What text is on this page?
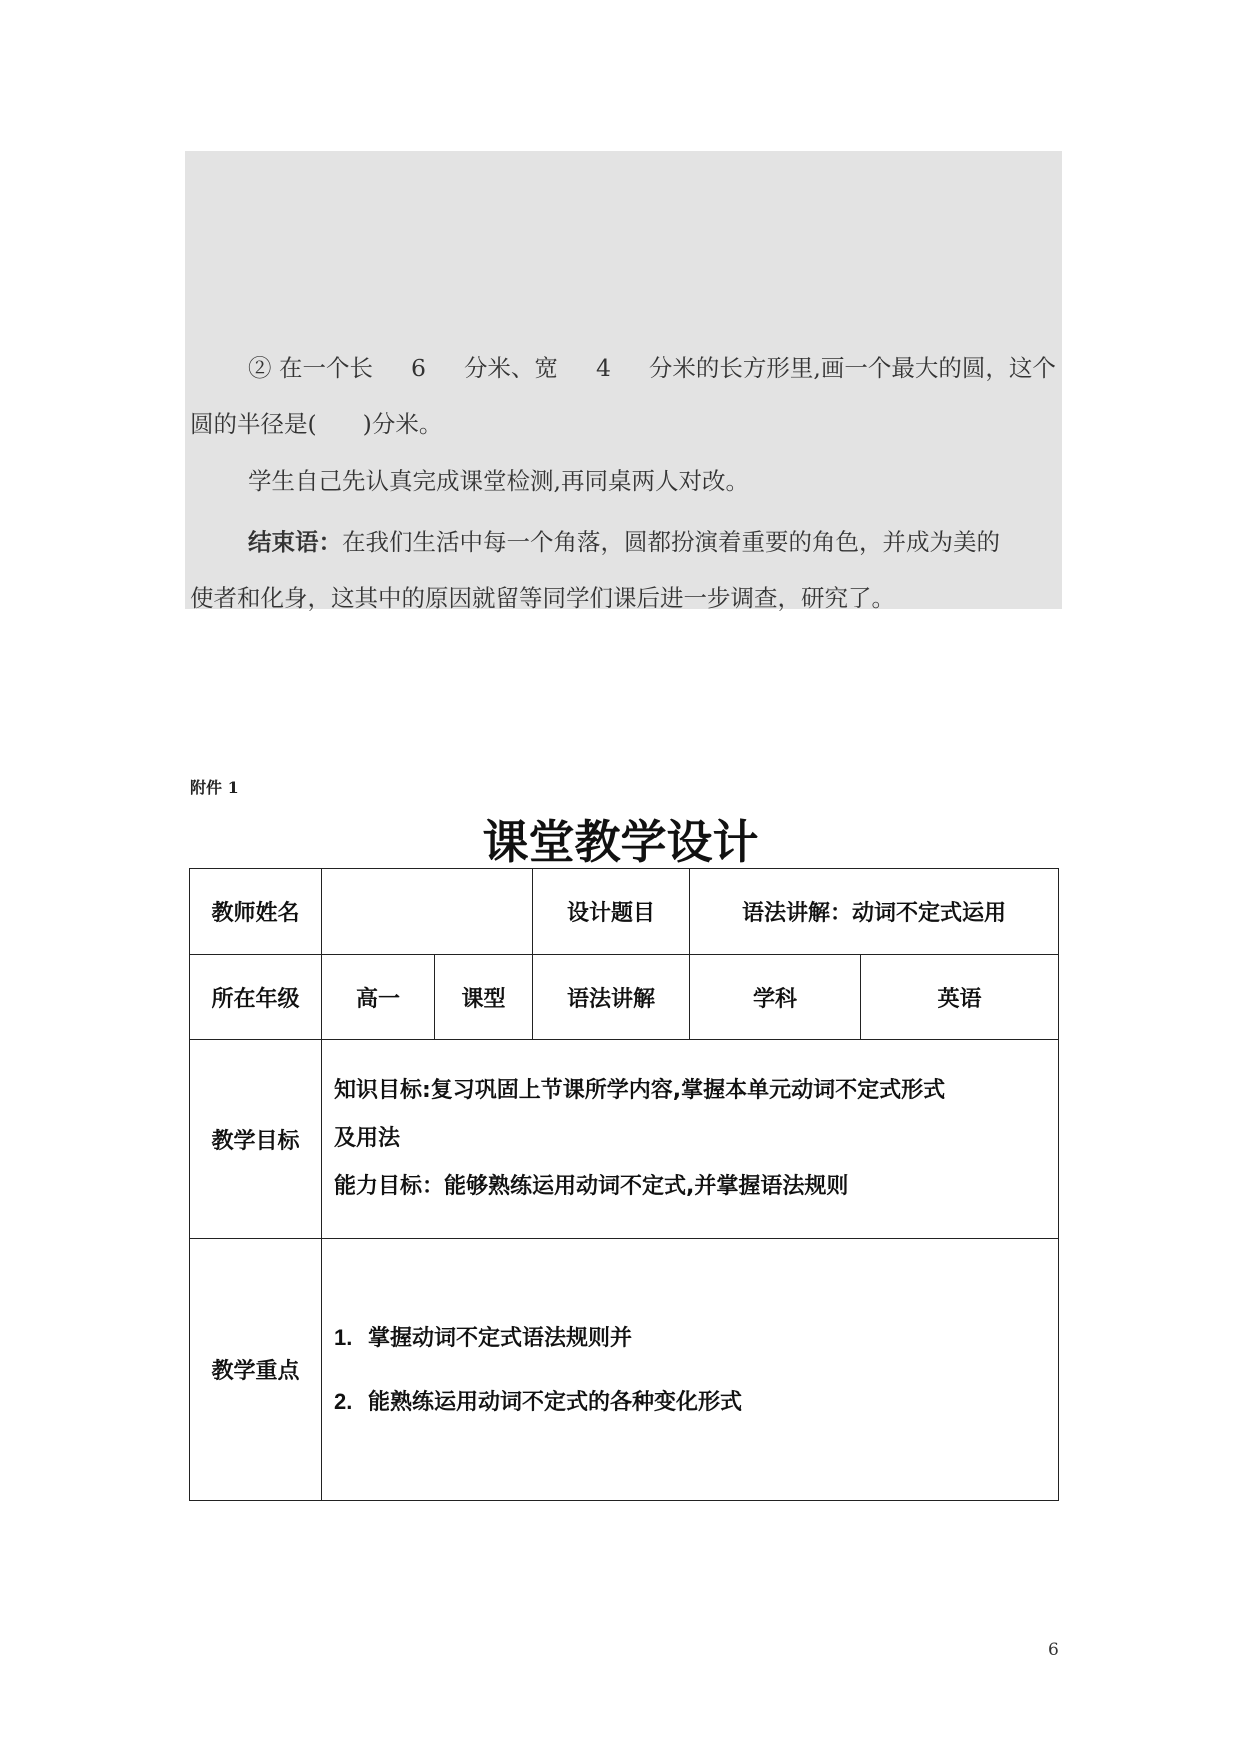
② 在一个长 6 分米、宽 4 分米的长方形里,画一个最大的圆，这个
圆的半径是( )分米。
学生自己先认真完成课堂检测,再同桌两人对改。
结束语：在我们生活中每一个角落，圆都扮演着重要的角色，并成为美的
使者和化身，这其中的原因就留等同学们课后进一步调查，研究了。
附件 1
课堂教学设计
教师姓名			设计题目	语法讲解：动词不定式运用	
所在年级	高一	课型	语法讲解	学科	英语
教学目标	知识目标:复习巩固上节课所学内容,掌握本单元动词不定式形式
及用法
能力目标：能够熟练运用动词不定式,并掌握语法规则				

教学重点	1. 掌握动词不定式语法规则并
2. 能熟练运用动词不定式的各种变化形式				
6
